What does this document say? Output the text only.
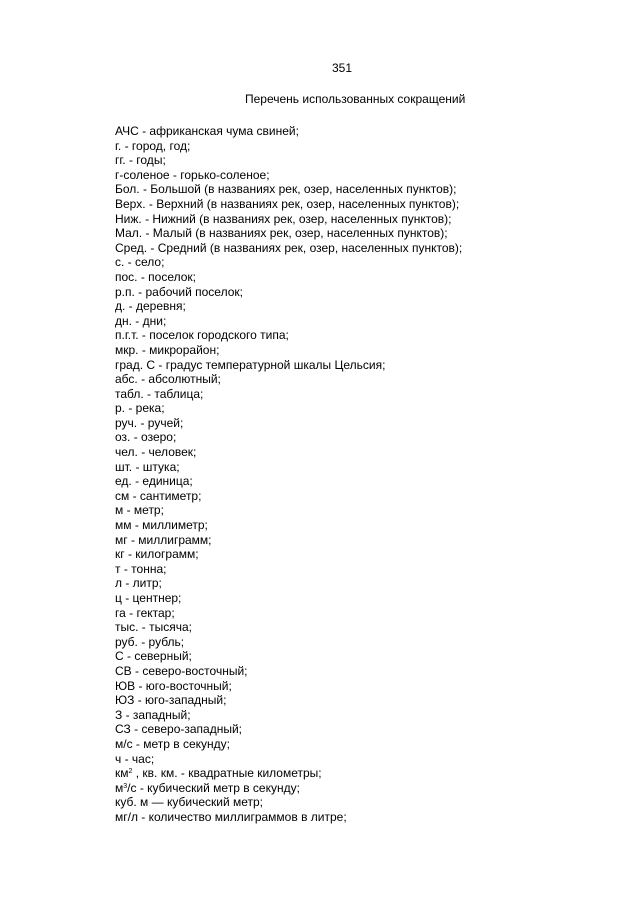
351
Перечень использованных сокращений
АЧС - африканская чума свиней;
г. - город, год;
гг. - годы;
г-соленое - горько-соленое;
Бол. - Большой (в названиях рек, озер, населенных пунктов);
Верх. - Верхний (в названиях рек, озер, населенных пунктов);
Ниж. - Нижний (в названиях рек, озер, населенных пунктов);
Мал. - Малый (в названиях рек, озер, населенных пунктов);
Сред. - Средний (в названиях рек, озер, населенных пунктов);
с. - село;
пос. - поселок;
р.п. - рабочий поселок;
д. - деревня;
дн. - дни;
п.г.т. - поселок городского типа;
мкр. - микрорайон;
град. С - градус температурной шкалы Цельсия;
абс. - абсолютный;
табл. - таблица;
р. - река;
руч. - ручей;
оз. - озеро;
чел. - человек;
шт. - штука;
ед. - единица;
см - сантиметр;
м - метр;
мм - миллиметр;
мг - миллиграмм;
кг - килограмм;
т - тонна;
л - литр;
ц - центнер;
га - гектар;
тыс. - тысяча;
руб. - рубль;
С - северный;
СВ - северо-восточный;
ЮВ - юго-восточный;
ЮЗ - юго-западный;
З - западный;
СЗ - северо-западный;
м/с - метр в секунду;
ч - час;
$км^2$ , кв. км. - квадратные километры;
$м^3/с$ - кубический метр в секунду;
куб. м — кубический метр;
мг/л - количество миллиграммов в литре;
